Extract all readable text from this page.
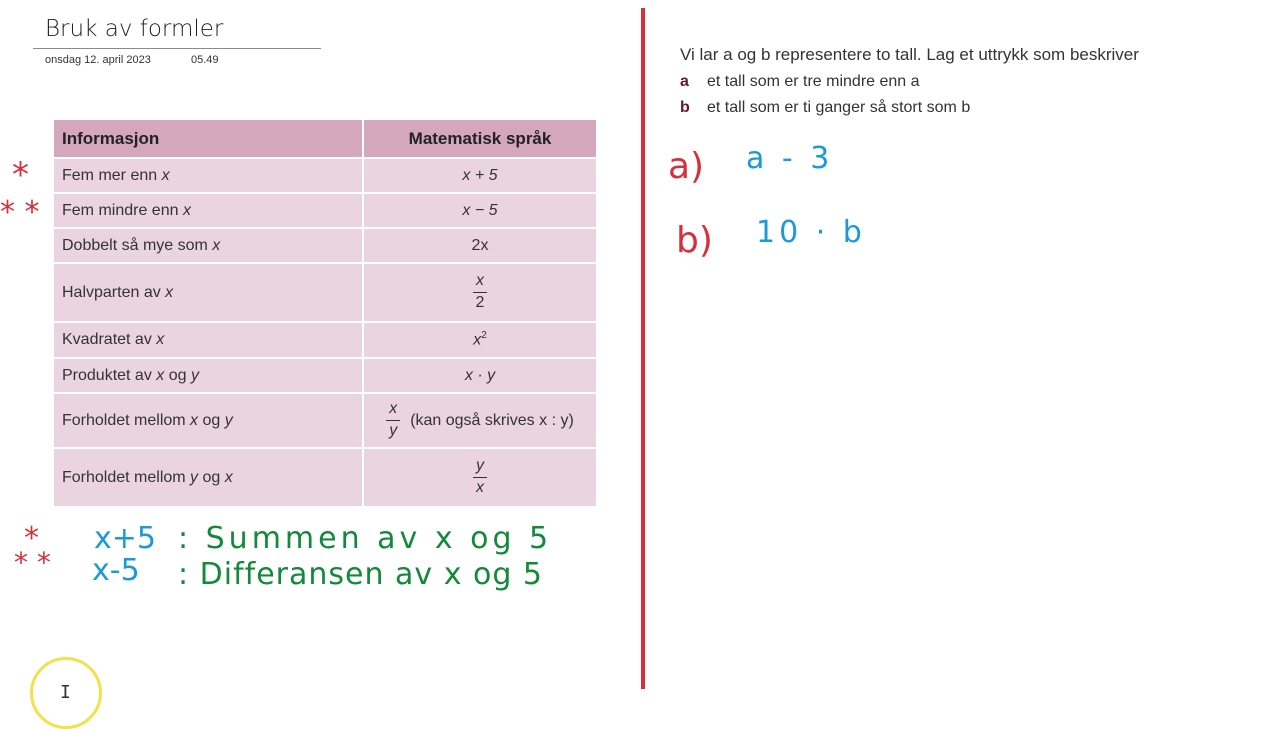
Bruk av formler
onsdag 12. april 2023	05.49
Informasjon	Matematisk språk
Fem mer enn x	x + 5
Fem mindre enn x	x − 5
Dobbelt så mye som x	2x
Halvparten av x	$\frac{x}{2}$

Kvadratet av x	$x^2$
Produktet av x og y	x · y
Forholdet mellom x og y	$\frac{x}{y} (kan$ også skrives x : y)
Forholdet mellom y og x	$\frac{y}{x}$
Vi lar a og b representere to tall. Lag et uttrykk som beskriver
a et tall som er tre mindre enn a
b et tall som er ti ganger så stort som b
*
* *
*
* *
x+5 : Summen av x og 5
x-5 : Differansen av x og 5
a) a - 3
b) 10 · b
I
